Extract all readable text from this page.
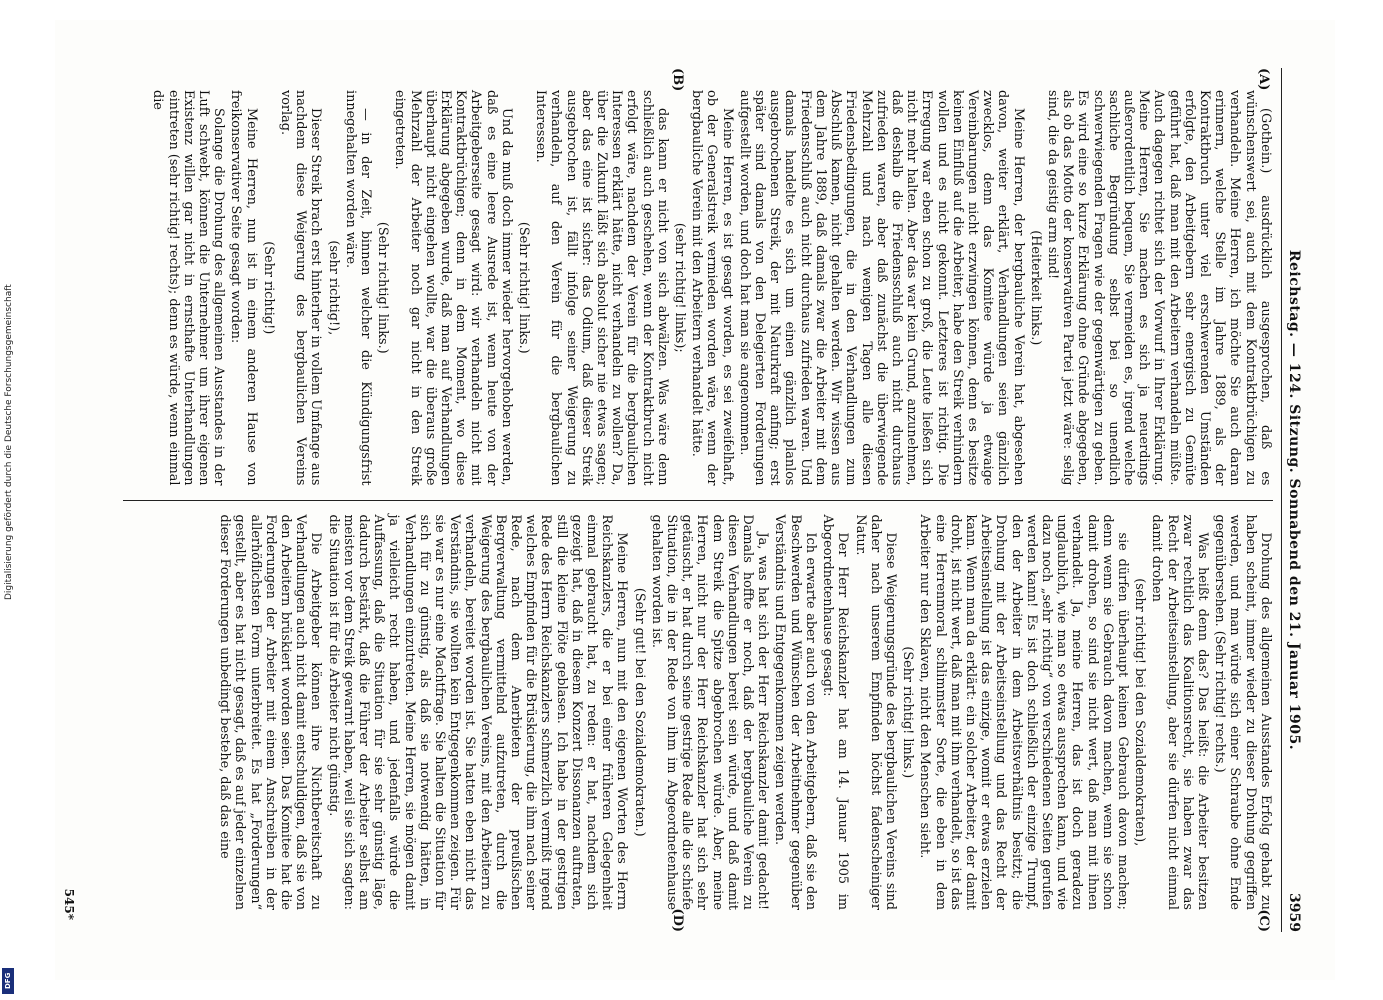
Reichstag. — 124. Sitzung. Sonnabend den 21. Januar 1905.
3959
(A)
(B)

(Gothein.) ausdrücklich ausgesprochen, daß es wünschenswert sei, auch mit dem Kontraktbrüchigen zu verhandeln. Meine Herren, ich möchte Sie auch daran erinnern, welche Stelle im Jahre 1889, als der Kontraktbruch unter viel erschwerenden Umständen erfolgte, den Arbeitgebern sehr energisch zu Gemüte geführt hat, daß man mit den Arbeitern verhandeln müßte. Auch dagegen richtet sich der Vorwurf in Ihrer Erklärung. Meine Herren, Sie machen es sich ja neuerdings außerordentlich bequem, Sie vermeiden es, irgend welche sachliche Begründung selbst bei so unendlich schwerwiegenden Fragen wie der gegenwärtigen zu geben. Es wird eine so kurze Erklärung ohne Gründe abgegeben, als ob das Motto der konservativen Partei jetzt wäre: selig sind, die da geistig arm sind!

(Heiterkeit links.)

Meine Herren, der bergbauliche Verein hat, abgesehen davon, weiter erklärt, Verhandlungen seien gänzlich zwecklos, denn das Komitee würde ja etwaige Vereinbarungen nicht erzwingen können, denn es besitze keinen Einfluß auf die Arbeiter, habe den Streik verhindern wollen und es nicht gekonnt. Letzteres ist richtig. Die Erregung war eben schon zu groß, die Leute ließen sich nicht mehr halten. Aber das war kein Grund, anzunehmen, daß deshalb die Friedensschluß auch nicht durchaus zufrieden waren, aber daß zunächst die überwiegende Mehrzahl und nach wenigen Tagen alle diesen Friedensbedingungen, die in den Verhandlungen zum Abschluß kamen, nicht gehalten werden. Wir wissen aus dem Jahre 1889, daß damals zwar die Arbeiter mit dem Friedensschluß auch nicht durchaus zufrieden waren. Und damals handelte es sich um einen gänzlich planlos ausgebrochenen Streik, der mit Naturkraft anfing; erst später sind damals von den Delegierten Forderungen aufgestellt worden, und doch hat man sie angenommen.

Meine Herren, es ist gesagt worden, es sei zweifelhaft, ob der Generalstreik vermieden worden wäre, wenn der bergbauliche Verein mit den Arbeitern verhandelt hätte.

(sehr richtig! links);

das kann er nicht von sich abwälzen. Was wäre denn schließlich auch geschehen, wenn der Kontraktbruch nicht erfolgt wäre, nachdem der Verein für die bergbaulichen Interessen erklärt hätte, nicht verhandeln zu wollen? Da, über die Zukunft läßt sich absolut sicher nie etwas sagen; aber das eine ist sicher: das Odium, daß dieser Streik ausgebrochen ist, fällt infolge seiner Weigerung zu verhandeln, auf den Verein für die bergbaulichen Interessen.

(Sehr richtig! links.)

Und da muß doch immer wieder hervorgehoben werden, daß es eine leere Ausrede ist, wenn heute von der Arbeitgeberseite gesagt wird: wir verhandeln nicht mit Kontraktbrüchigen; denn in dem Moment, wo diese Erklärung abgegeben wurde, daß man auf Verhandlungen überhaupt nicht eingehen wollte, war die überaus große Mehrzahl der Arbeiter noch gar nicht in den Streik eingetreten.

(Sehr richtig! links.)

— in der Zeit, binnen welcher die Kündigungsfrist innegehalten worden wäre.

(sehr richtig!),

Dieser Streik brach erst hinterher in vollem Umfange aus nachdem diese Weigerung des bergbaulichen Vereins vorlag.

(Sehr richtig!)

Meine Herren, nun ist in einem anderen Hause von freikonservativer Seite gesagt worden:

Solange die Drohung des allgemeinen Ausstandes in der Luft schwebt, können die Unternehmer um ihrer eigenen Existenz willen gar nicht in ernsthafte Unterhandlungen eintreten (sehr richtig! rechts); denn es würde, wenn einmal die

(C)
(D)

Drohung des allgemeinen Ausstandes Erfolg gehabt zu haben scheint, immer wieder zu dieser Drohung gegriffen werden, und man würde sich einer Schraube ohne Ende gegenübersehen. (Sehr richtig! rechts.)

Was heißt denn das? Das heißt: die Arbeiter besitzen zwar rechtlich das Koalitionsrecht, sie haben zwar das Recht der Arbeitseinstellung, aber sie dürfen nicht einmal damit drohen

(sehr richtig! bei den Sozialdemokraten),

sie dürfen überhaupt keinen Gebrauch davon machen; denn wenn sie Gebrauch davon machen, wenn sie schon damit drohen, so sind sie nicht wert, daß man mit ihnen verhandelt. Ja, meine Herren, das ist doch geradezu unglaublich, wie man so etwas aussprechen kann, und wie dazu noch „sehr richtig“ von verschiedenen Seiten gerufen werden kann! Es ist doch schließlich der einzige Trumpf, den der Arbeiter in dem Arbeitsverhältnis besitzt; die Drohung mit der Arbeitseinstellung und das Recht der Arbeitseinstellung ist das einzige, womit er etwas erzielen kann. Wenn man da erklärt: ein solcher Arbeiter, der damit droht, ist nicht wert, daß man mit ihm verhandelt, so ist das eine Herrenmoral schlimmster Sorte, die eben in dem Arbeiter nur den Sklaven, nicht den Menschen sieht.

(Sehr richtig! links.)

Diese Weigerungsgründe des bergbaulichen Vereins sind daher nach unserem Empfinden höchst fadenscheiniger Natur.

Der Herr Reichskanzler hat am 14. Januar 1905 im Abgeordnetenhause gesagt:

Ich erwarte aber auch von den Arbeitgebern, daß sie den Beschwerden und Wünschen der Arbeitnehmer gegenüber Verständnis und Entgegenkommen zeigen werden.

Ja, was hat sich der Herr Reichskanzler damit gedacht! Damals hoffte er noch, daß der bergbauliche Verein zu diesen Verhandlungen bereit sein würde, und daß damit dem Streik die Spitze abgebrochen würde. Aber, meine Herren, nicht nur der Herr Reichskanzler hat sich sehr getäuscht, er hat durch seine gestrige Rede alle die schiefe Situation, die in der Rede von ihm im Abgeordnetenhause gehalten worden ist.

(Sehr gut! bei den Sozialdemokraten.)

Meine Herren, nun mit den eigenen Worten des Herrn Reichskanzlers, die er bei einer früheren Gelegenheit einmal gebraucht hat, zu reden: er hat, nachdem sich gezeigt hat, daß in diesem Konzert Dissonanzen auftraten, still die kleine Flöte geblasen. Ich habe in der gestrigen Rede des Herrn Reichskanzlers schmerzlich vermißt irgend welches Empfinden für die Brüskierung, die ihm nach seiner Rede, nach dem Anerbieten der preußischen Bergverwaltung vermittelnd aufzutreten, durch die Weigerung des bergbaulichen Vereins, mit den Arbeitern zu verhandeln, bereitet worden ist. Sie hatten eben nicht das Verständnis, sie wollten kein Entgegenkommen zeigen. Für sie war es nur eine Machtfrage. Sie halten die Situation für sich für zu günstig, als daß sie notwendig hätten, in Verhandlungen einzutreten. Meine Herren, sie mögen damit ja vielleicht recht haben, und jedenfalls würde die Auffassung, daß die Situation für sie sehr günstig läge, dadurch bestärkt, daß die Führer der Arbeiter selbst am meisten vor dem Streik gewarnt haben, weil sie sich sagten: die Situation ist für die Arbeiter nicht günstig.

Die Arbeitgeber können ihre Nichtbereitschaft zu Verhandlungen auch nicht damit entschuldigen, daß sie von den Arbeitern brüskiert worden seien. Das Komitee hat die Forderungen der Arbeiter mit einem Anschreiben in der allerhöflichsten Form unterbreitet. Es hat „Forderungen“ gestellt, aber es hat nicht gesagt, daß es auf jeder einzelnen dieser Forderungen unbedingt bestehe, daß das eine

545*
Digitalisierung gefördert durch die Deutsche Forschungsgemeinschaft
DFG
